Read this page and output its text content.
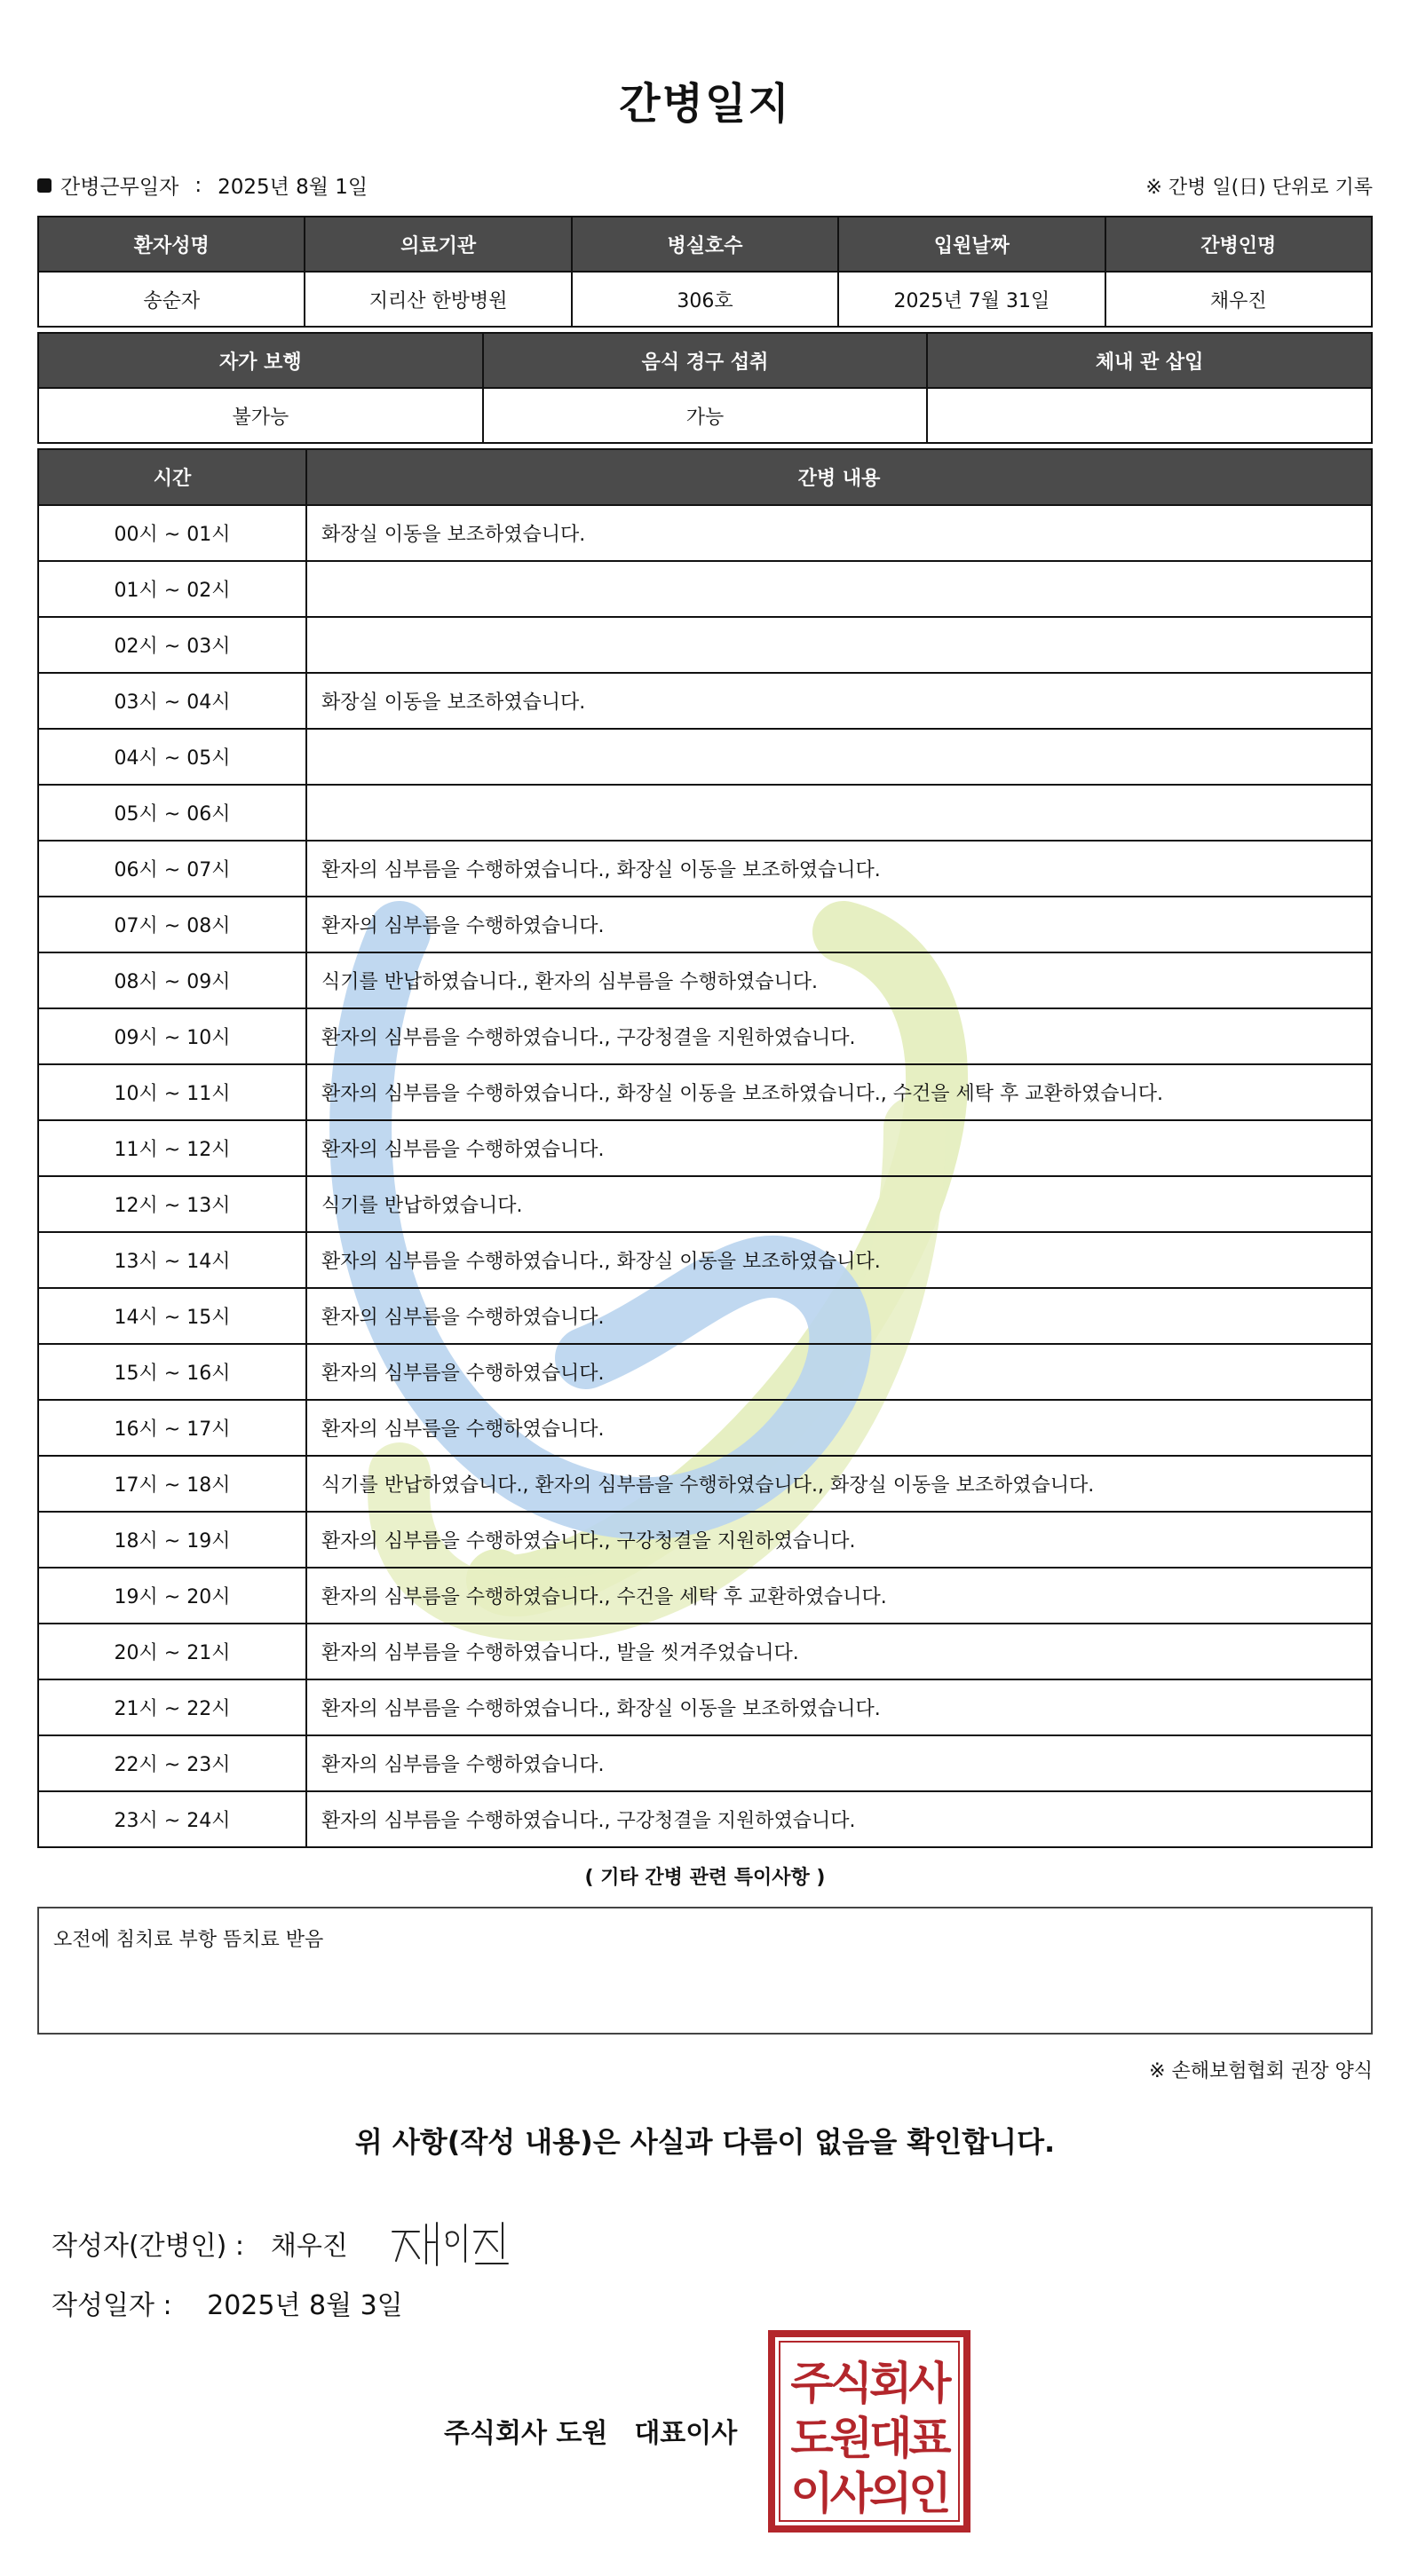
간병일지
간병근무일자 : 2025년 8월 1일	※ 간병 일(日) 단위로 기록
환자성명	의료기관	병실호수	입원날짜	간병인명
송순자	지리산 한방병원	306호	2025년 7월 31일	채우진
자가 보행	음식 경구 섭취	체내 관 삽입
불가능	가능	
시간	간병 내용
00시 ~ 01시	화장실 이동을 보조하였습니다.
01시 ~ 02시	
02시 ~ 03시	
03시 ~ 04시	화장실 이동을 보조하였습니다.
04시 ~ 05시	
05시 ~ 06시	
06시 ~ 07시	환자의 심부름을 수행하였습니다., 화장실 이동을 보조하였습니다.
07시 ~ 08시	환자의 심부름을 수행하였습니다.
08시 ~ 09시	식기를 반납하였습니다., 환자의 심부름을 수행하였습니다.
09시 ~ 10시	환자의 심부름을 수행하였습니다., 구강청결을 지원하였습니다.
10시 ~ 11시	환자의 심부름을 수행하였습니다., 화장실 이동을 보조하였습니다., 수건을 세탁 후 교환하였습니다.
11시 ~ 12시	환자의 심부름을 수행하였습니다.
12시 ~ 13시	식기를 반납하였습니다.
13시 ~ 14시	환자의 심부름을 수행하였습니다., 화장실 이동을 보조하였습니다.
14시 ~ 15시	환자의 심부름을 수행하였습니다.
15시 ~ 16시	환자의 심부름을 수행하였습니다.
16시 ~ 17시	환자의 심부름을 수행하였습니다.
17시 ~ 18시	식기를 반납하였습니다., 환자의 심부름을 수행하였습니다., 화장실 이동을 보조하였습니다.
18시 ~ 19시	환자의 심부름을 수행하였습니다., 구강청결을 지원하였습니다.
19시 ~ 20시	환자의 심부름을 수행하였습니다., 수건을 세탁 후 교환하였습니다.
20시 ~ 21시	환자의 심부름을 수행하였습니다., 발을 씻겨주었습니다.
21시 ~ 22시	환자의 심부름을 수행하였습니다., 화장실 이동을 보조하였습니다.
22시 ~ 23시	환자의 심부름을 수행하였습니다.
23시 ~ 24시	환자의 심부름을 수행하였습니다., 구강청결을 지원하였습니다.
( 기타 간병 관련 특이사항 )
오전에 침치료 부항 뜸치료 받음
※ 손해보험협회 권장 양식
위 사항(작성 내용)은 사실과 다름이 없음을 확인합니다.
작성자(간병인) : 채우진
작성일자 : 2025년 8월 3일
주식회사 도원 대표이사
주식회사
도원대표
이사의인
